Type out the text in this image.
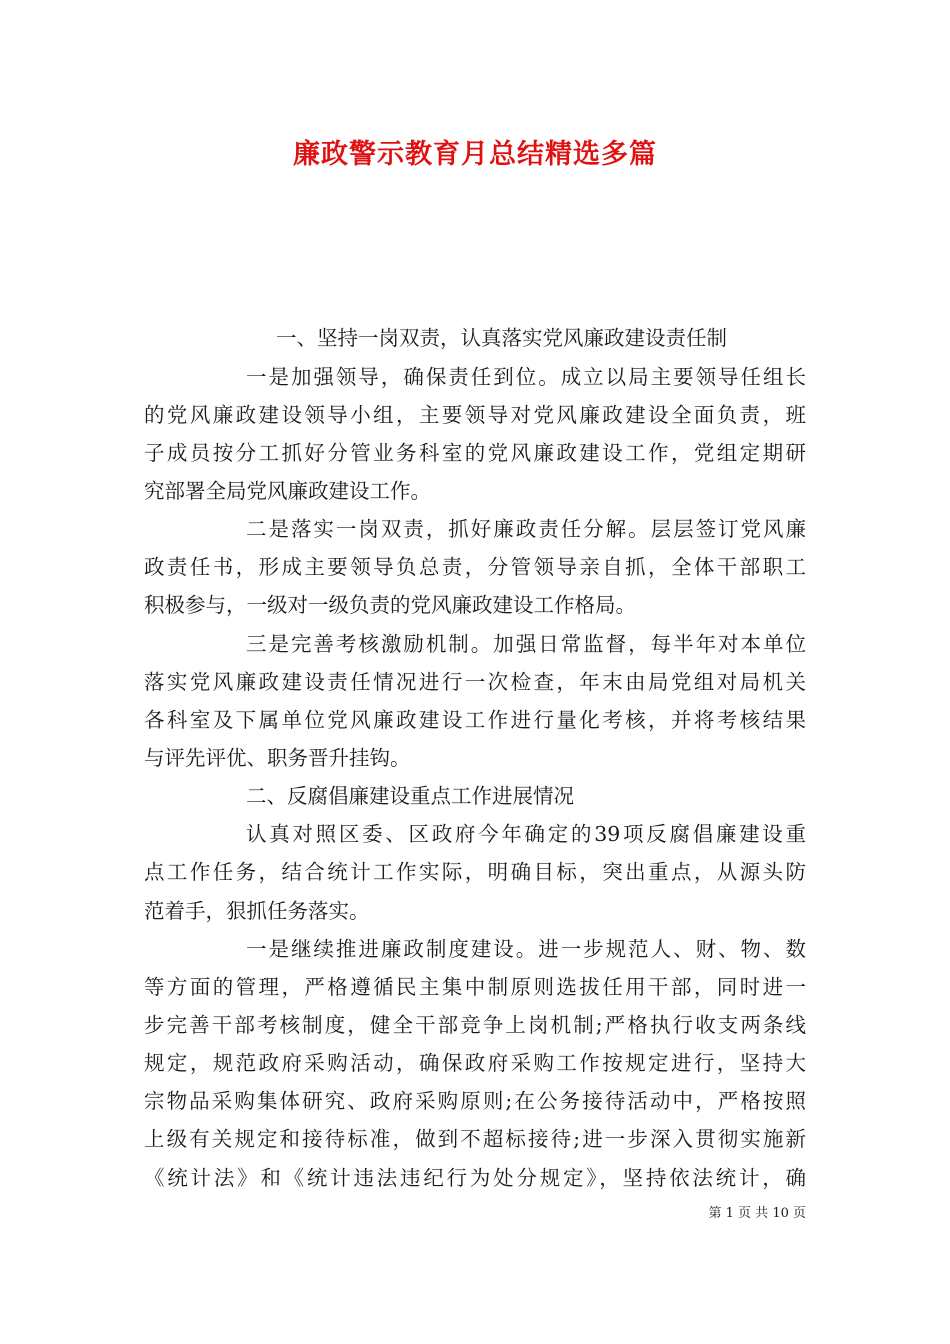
廉政警示教育月总结精选多篇
一、坚持一岗双责，认真落实党风廉政建设责任制
一是加强领导，确保责任到位。成立以局主要领导任组长
的党风廉政建设领导小组，主要领导对党风廉政建设全面负责，班
子成员按分工抓好分管业务科室的党风廉政建设工作，党组定期研
究部署全局党风廉政建设工作。
二是落实一岗双责，抓好廉政责任分解。层层签订党风廉
政责任书，形成主要领导负总责，分管领导亲自抓，全体干部职工
积极参与，一级对一级负责的党风廉政建设工作格局。
三是完善考核激励机制。加强日常监督，每半年对本单位
落实党风廉政建设责任情况进行一次检查，年末由局党组对局机关
各科室及下属单位党风廉政建设工作进行量化考核，并将考核结果
与评先评优、职务晋升挂钩。
二、反腐倡廉建设重点工作进展情况
认真对照区委、区政府今年确定的39项反腐倡廉建设重
点工作任务，结合统计工作实际，明确目标，突出重点，从源头防
范着手，狠抓任务落实。
一是继续推进廉政制度建设。进一步规范人、财、物、数
等方面的管理，严格遵循民主集中制原则选拔任用干部，同时进一
步完善干部考核制度，健全干部竞争上岗机制;严格执行收支两条线
规定，规范政府采购活动，确保政府采购工作按规定进行，坚持大
宗物品采购集体研究、政府采购原则;在公务接待活动中，严格按照
上级有关规定和接待标准，做到不超标接待;进一步深入贯彻实施新
《统计法》和《统计违法违纪行为处分规定》，坚持依法统计，确
第 1 页 共 10 页
